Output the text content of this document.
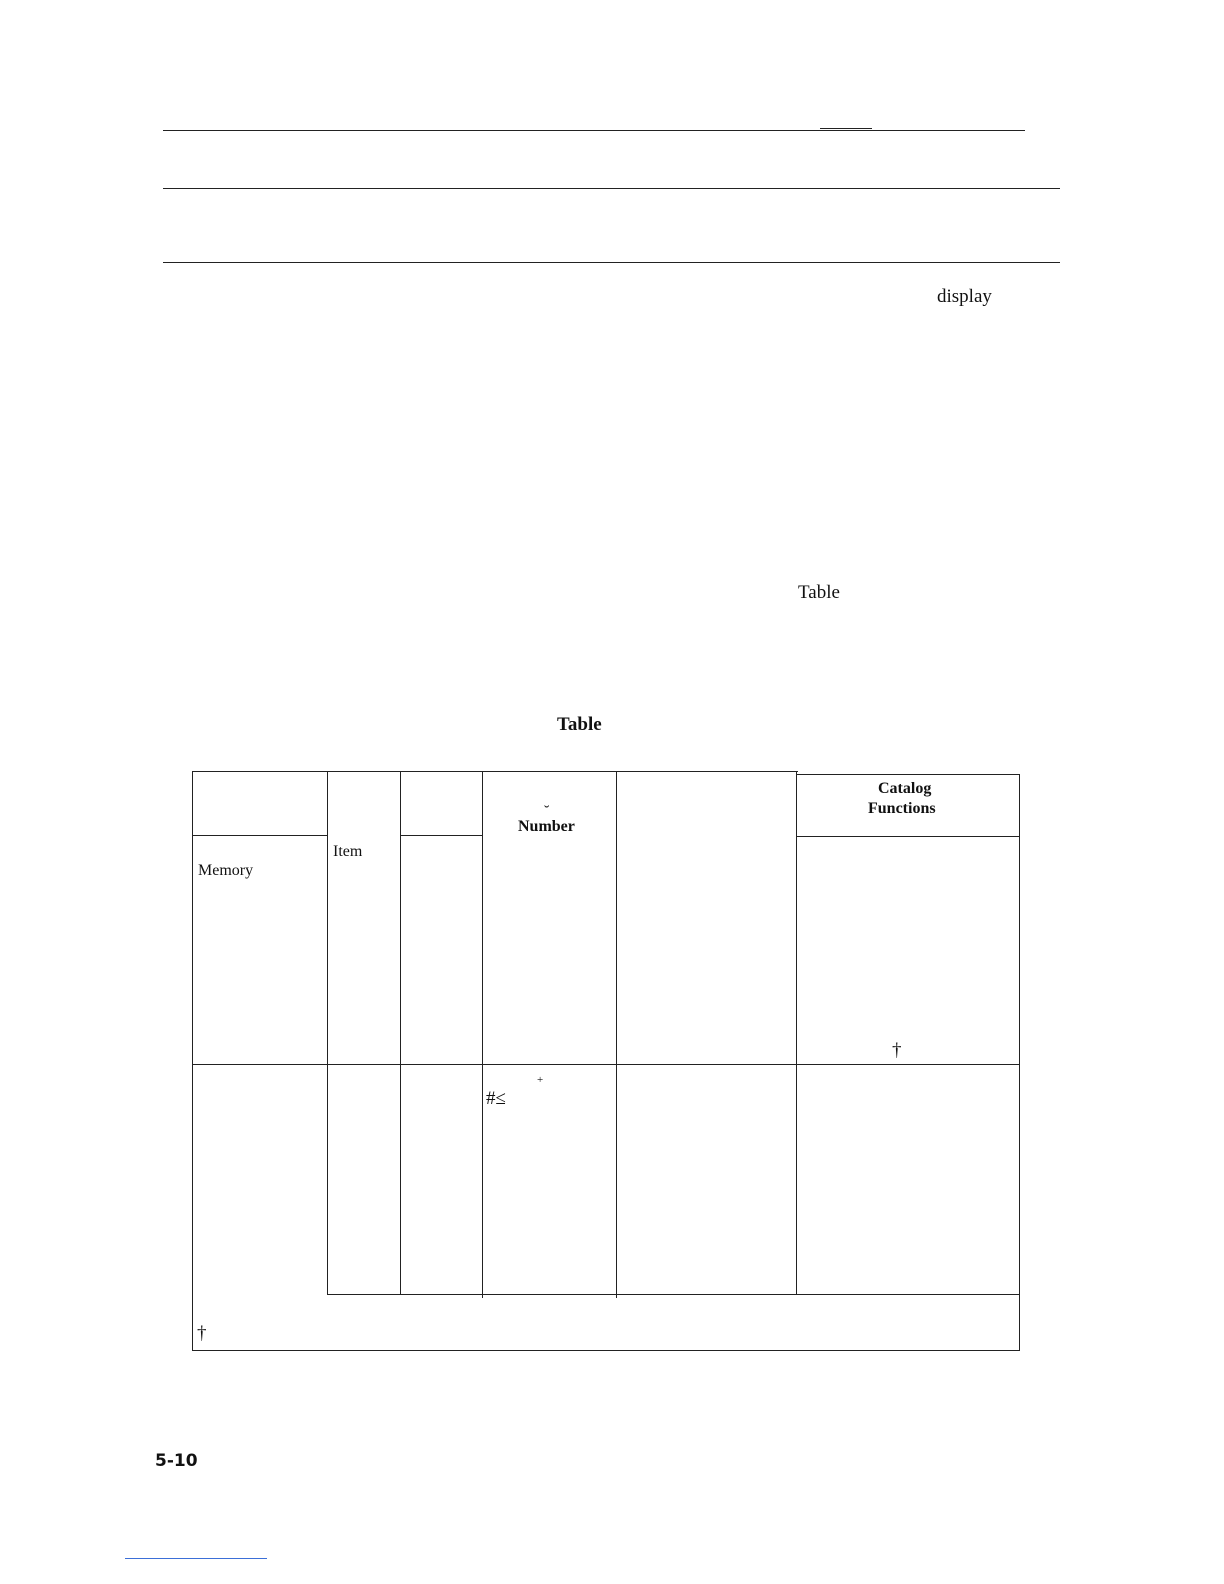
display
Table
Table
˘
Number
Catalog
Functions
Memory
Item
†
+
#≤
†
5-10
